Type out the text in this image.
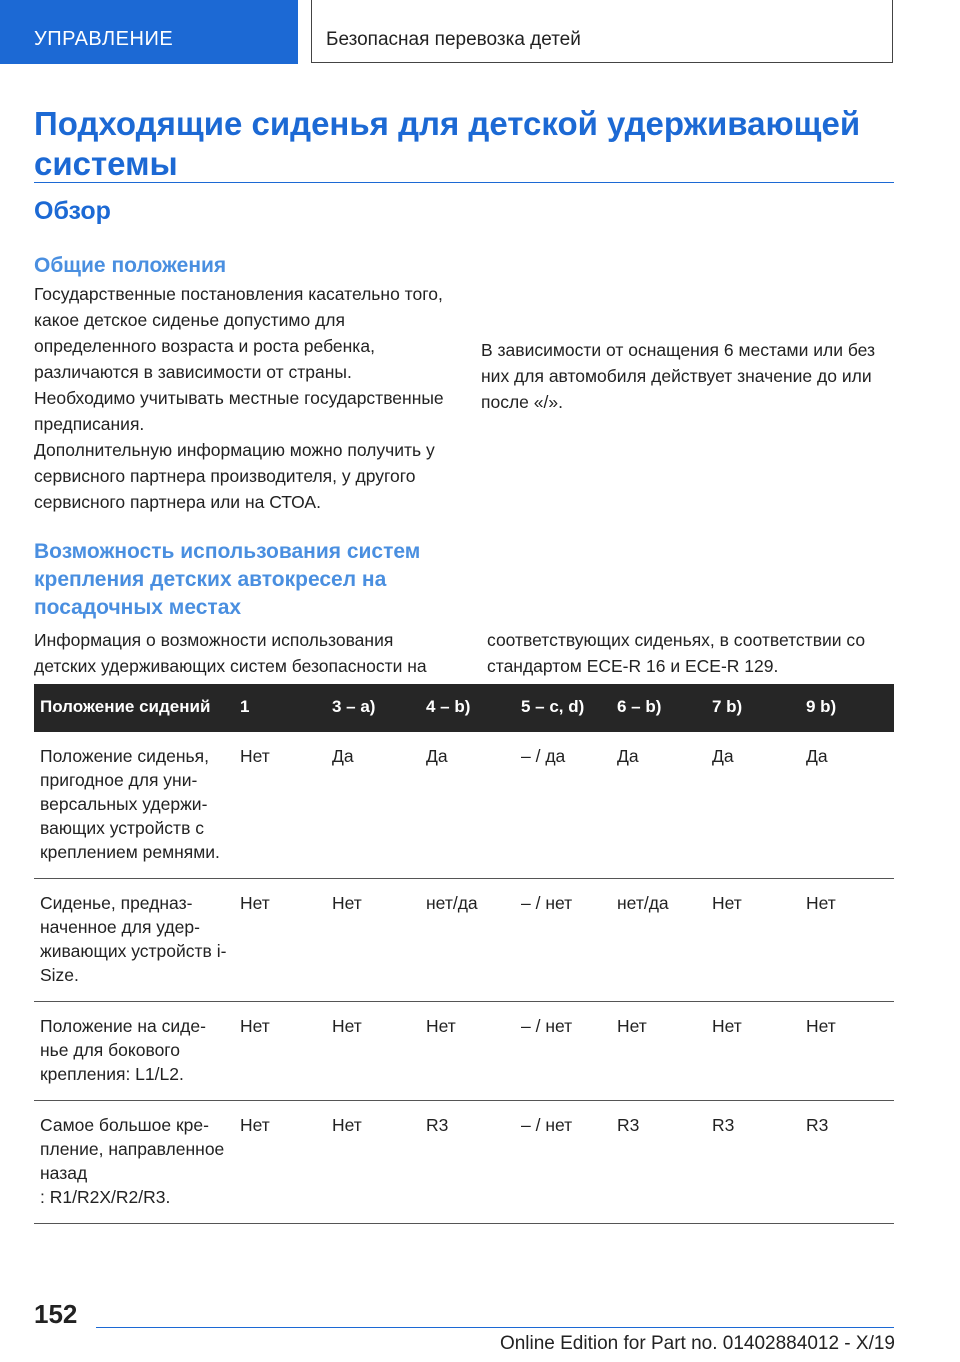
УПРАВЛЕНИЕ	Безопасная перевозка детей
Подходящие сиденья для детской удерживающей системы
Обзор
Общие положения
Государственные постановления касательно того, какое детское сиденье допустимо для определенного возраста и роста ребенка, различаются в зависимости от страны. Необходимо учитывать местные государственные предписания.
Дополнительную информацию можно получить у сервисного партнера производителя, у другого сервисного партнера или на СТОА.
Возможность использования систем крепления детских автокресел на посадочных местах
Информация о возможности использования детских удерживающих систем безопасности на соответствующих сиденьях, в соответствии со стандартом ECE-R 16 и ECE-R 129.
В зависимости от оснащения 6 местами или без них для автомобиля действует значение до или после «/».
Положение сидений	1	3 – a)	4 – b)	5 – c, d)	6 – b)	7 b)	9 b)
Положение сиденья, пригодное для универсальных удерживающих устройств с креплением ремнями.	Нет	Да	Да	– / да	Да	Да	Да
Сиденье, предназначенное для удерживающих устройств i-Size.	Нет	Нет	нет/да	– / нет	нет/да	Нет	Нет
Положение на сиденье для бокового крепления: L1/L2.	Нет	Нет	Нет	– / нет	Нет	Нет	Нет
Самое большое крепление, направленное
назад
: R1/R2X/R2/R3.	Нет	Нет	R3	– / нет	R3	R3	R3
152
Online Edition for Part no. 01402884012 - X/19
